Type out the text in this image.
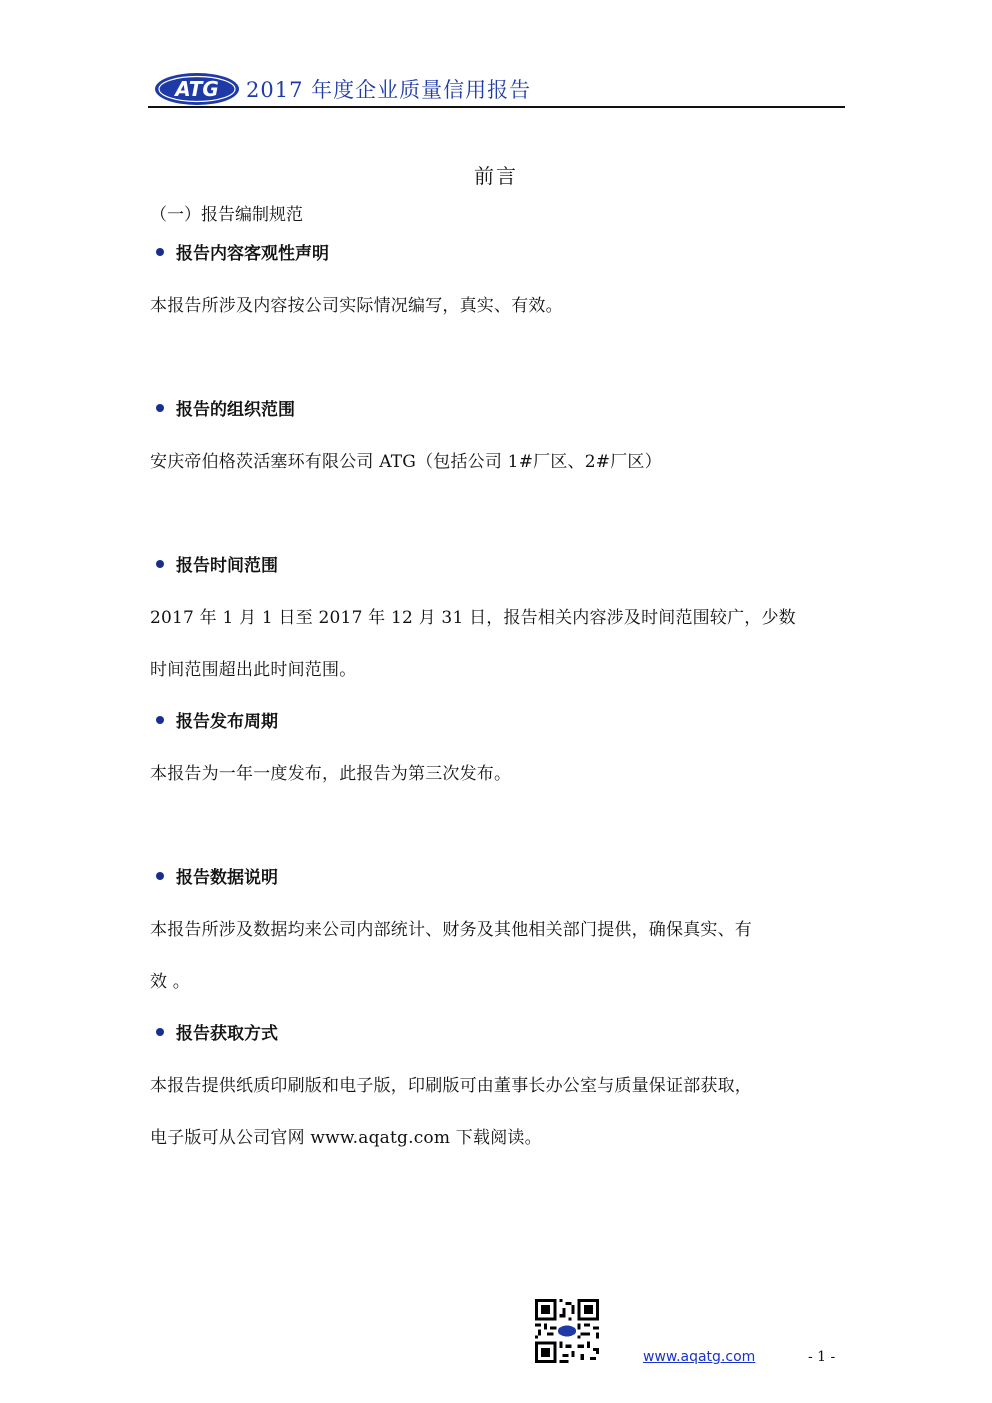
ATG 2017 年度企业质量信用报告
前言
（一）报告编制规范
报告内容客观性声明
本报告所涉及内容按公司实际情况编写，真实、有效。
报告的组织范围
安庆帝伯格茨活塞环有限公司 ATG（包括公司 1#厂区、2#厂区）
报告时间范围
2017 年 1 月 1 日至 2017 年 12 月 31 日，报告相关内容涉及时间范围较广，少数
时间范围超出此时间范围。
报告发布周期
本报告为一年一度发布，此报告为第三次发布。
报告数据说明
本报告所涉及数据均来公司内部统计、财务及其他相关部门提供，确保真实、有
效 。
报告获取方式
本报告提供纸质印刷版和电子版，印刷版可由董事长办公室与质量保证部获取，
电子版可从公司官网 www.aqatg.com 下载阅读。
www.aqatg.com	- 1 -
